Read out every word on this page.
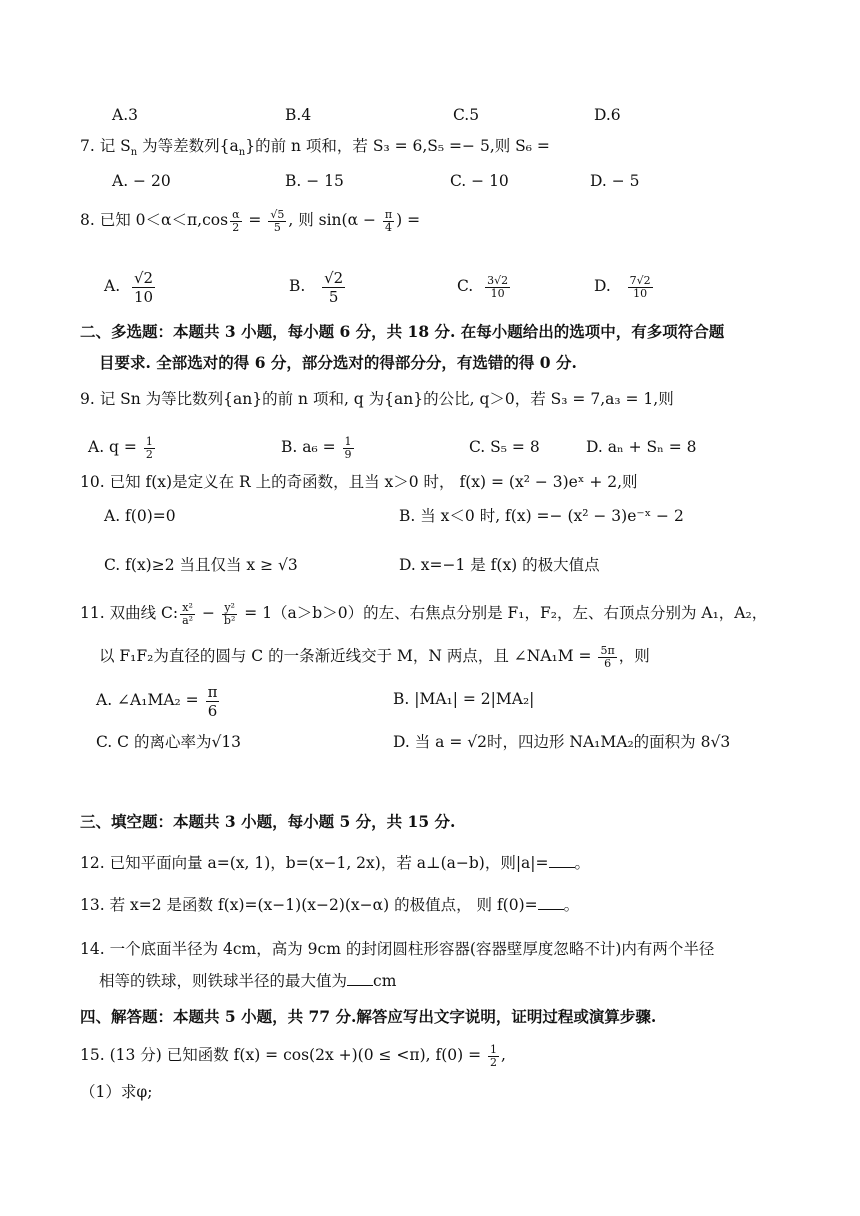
A.3	B.4	C.5	D.6
7. 记 $S_n$ 为等差数列$\{a_n\}$的前 n 项和，若 S₃ = 6,S₅ =− 5,则 S₆ =
A. − 20	B. − 15	C. − 10	D. − 5
8. 已知 $0<\alpha<\pi,\cos \frac{\alpha}{2} = \frac{√5}{5}$ , 则 $\sin(\alpha - \frac{\pi}{4}$ ) =
A. $\frac{√2}{10}$	B. $\frac{√2}{5}$	C. $\frac{3√2}{10}$	D. $\frac{7√2}{10}$
二、多选题：本题共 3 小题，每小题 6 分，共 18 分. 在每小题给出的选项中，有多项符合题
目要求. 全部选对的得 6 分，部分选对的得部分分，有选错的得 0 分.
9. 记 Sn 为等比数列{an}的前 n 项和, q 为{an}的公比, q＞0，若 S₃ = 7,a₃ = 1,则
A. $q = \frac{1}{2}$	B. $a_6 = \frac{1}{9}$	C. S₅ = 8	D. aₙ + Sₙ = 8
10. 已知 f(x)是定义在 R 上的奇函数，且当 x＞0 时， f(x) = (x² − 3)eˣ + 2,则
A. f(0)=0	B. 当 x＜0 时, f(x) =− (x² − 3)e⁻ˣ − 2
C. f(x)≥2 当且仅当 x ≥ √3	D. x=−1 是 f(x) 的极大值点
11. 双曲线 C: $\frac{\text{x²}}{\text{a²}} - \frac{\text{y²}}{\text{b²}} = 1(a>b>0)$的左、右焦点分别是 F₁，F₂，左、右顶点分别为 A₁，A₂，
以 F₁F₂为直径的圆与 C 的一条渐近线交于 M，N 两点，且 ∠NA₁M = $\frac{5\pi}{6}$ ，则
A. ∠A₁MA₂ = $\frac{\pi}{6}$	B. |MA₁| = 2|MA₂|
C. C 的离心率为√13	D. 当 a = √2时，四边形 NA₁MA₂的面积为 8√3
三、填空题：本题共 3 小题，每小题 5 分，共 15 分.
12. 已知平面向量 a=(x, 1)，b=(x−1, 2x)，若 a⊥(a−b)，则|a|= 。
13. 若 x=2 是函数 f(x)=(x−1)(x−2)(x−α) 的极值点， 则 f(0)= 。
14. 一个底面半径为 4cm，高为 9cm 的封闭圆柱形容器(容器壁厚度忽略不计)内有两个半径
相等的铁球，则铁球半径的最大值为 cm
四、解答题：本题共 5 小题，共 77 分.解答应写出文字说明，证明过程或演算步骤.
15. (13 分) 已知函数 f(x) = cos(2x +)(0 ≤ <π), $f(0) = \frac{1}{2}$ ,
（1）求φ;
